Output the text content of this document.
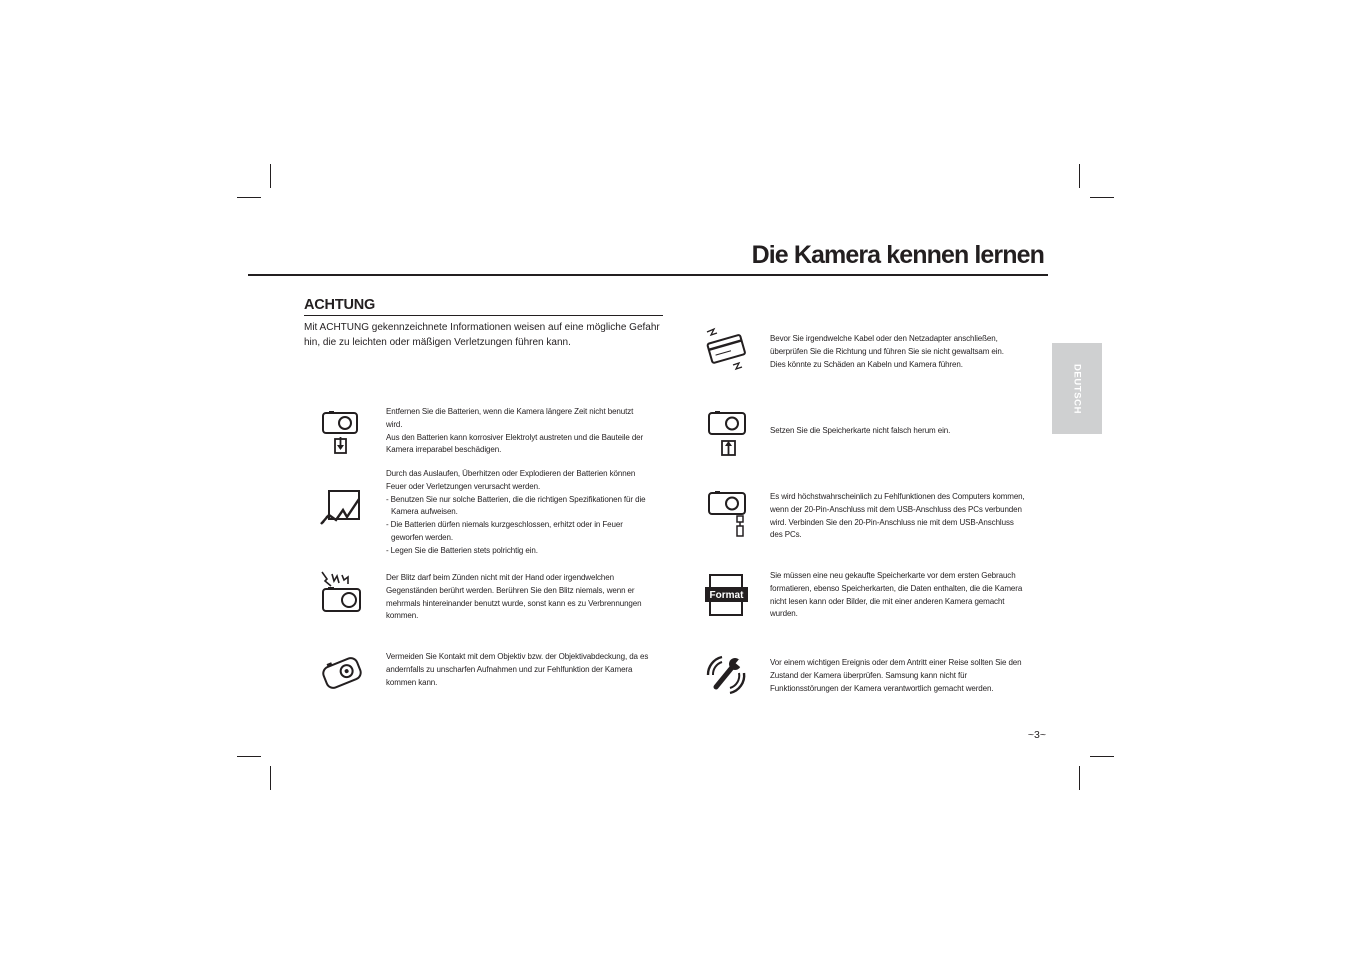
Die Kamera kennen lernen
DEUTSCH
ACHTUNG

Mit ACHTUNG gekennzeichnete Informationen weisen auf eine mögliche Gefahr hin, die zu leichten oder mäßigen Verletzungen führen kann.

Entfernen Sie die Batterien, wenn die Kamera längere Zeit nicht benutzt
wird.
Aus den Batterien kann korrosiver Elektrolyt austreten und die Bauteile der
Kamera irreparabel beschädigen.

Durch das Auslaufen, Überhitzen oder Explodieren der Batterien können
Feuer oder Verletzungen verursacht werden.
- Benutzen Sie nur solche Batterien, die die richtigen Spezifikationen für die
Kamera aufweisen.
- Die Batterien dürfen niemals kurzgeschlossen, erhitzt oder in Feuer
geworfen werden.
- Legen Sie die Batterien stets polrichtig ein.

Der Blitz darf beim Zünden nicht mit der Hand oder irgendwelchen
Gegenständen berührt werden. Berühren Sie den Blitz niemals, wenn er
mehrmals hintereinander benutzt wurde, sonst kann es zu Verbrennungen
kommen.

Vermeiden Sie Kontakt mit dem Objektiv bzw. der Objektivabdeckung, da es
andernfalls zu unscharfen Aufnahmen und zur Fehlfunktion der Kamera
kommen kann.

Bevor Sie irgendwelche Kabel oder den Netzadapter anschließen,
überprüfen Sie die Richtung und führen Sie sie nicht gewaltsam ein.
Dies könnte zu Schäden an Kabeln und Kamera führen.

Setzen Sie die Speicherkarte nicht falsch herum ein.

Es wird höchstwahrscheinlich zu Fehlfunktionen des Computers kommen,
wenn der 20-Pin-Anschluss mit dem USB-Anschluss des PCs verbunden
wird. Verbinden Sie den 20-Pin-Anschluss nie mit dem USB-Anschluss
des PCs.

Format

Sie müssen eine neu gekaufte Speicherkarte vor dem ersten Gebrauch
formatieren, ebenso Speicherkarten, die Daten enthalten, die die Kamera
nicht lesen kann oder Bilder, die mit einer anderen Kamera gemacht
wurden.

Vor einem wichtigen Ereignis oder dem Antritt einer Reise sollten Sie den
Zustand der Kamera überprüfen. Samsung kann nicht für
Funktionsstörungen der Kamera verantwortlich gemacht werden.

~3~
